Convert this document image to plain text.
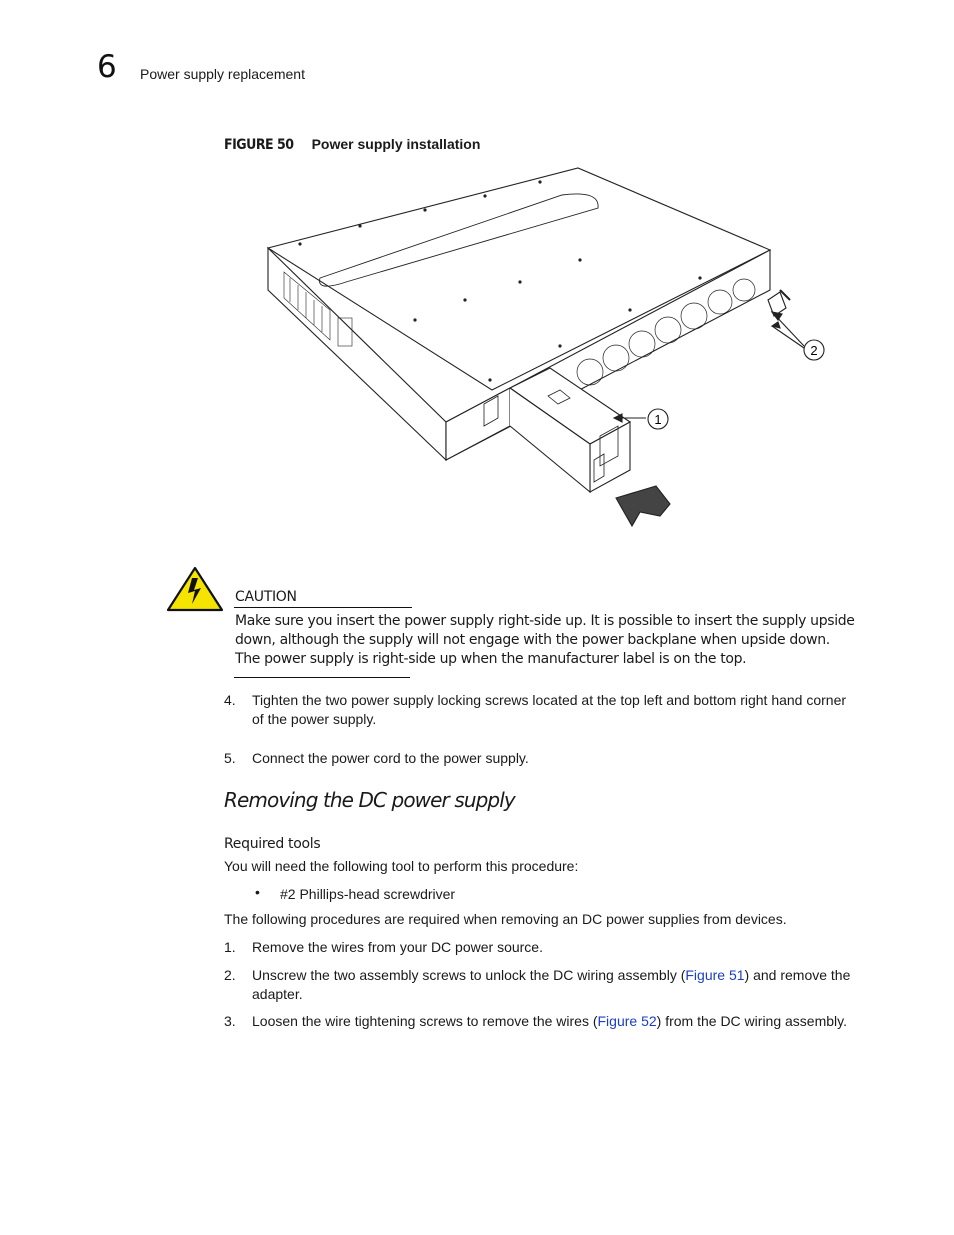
6 Power supply replacement
FIGURE 50 Power supply installation
1
2
CAUTION
Make sure you insert the power supply right-side up. It is possible to insert the supply upside down, although the supply will not engage with the power backplane when upside down. The power supply is right-side up when the manufacturer label is on the top.
4. Tighten the two power supply locking screws located at the top left and bottom right hand corner of the power supply.
5. Connect the power cord to the power supply.
Removing the DC power supply
Required tools
You will need the following tool to perform this procedure:
• #2 Phillips-head screwdriver
The following procedures are required when removing an DC power supplies from devices.
1. Remove the wires from your DC power source.
2. Unscrew the two assembly screws to unlock the DC wiring assembly (Figure 51) and remove the adapter.
3. Loosen the wire tightening screws to remove the wires (Figure 52) from the DC wiring assembly.
